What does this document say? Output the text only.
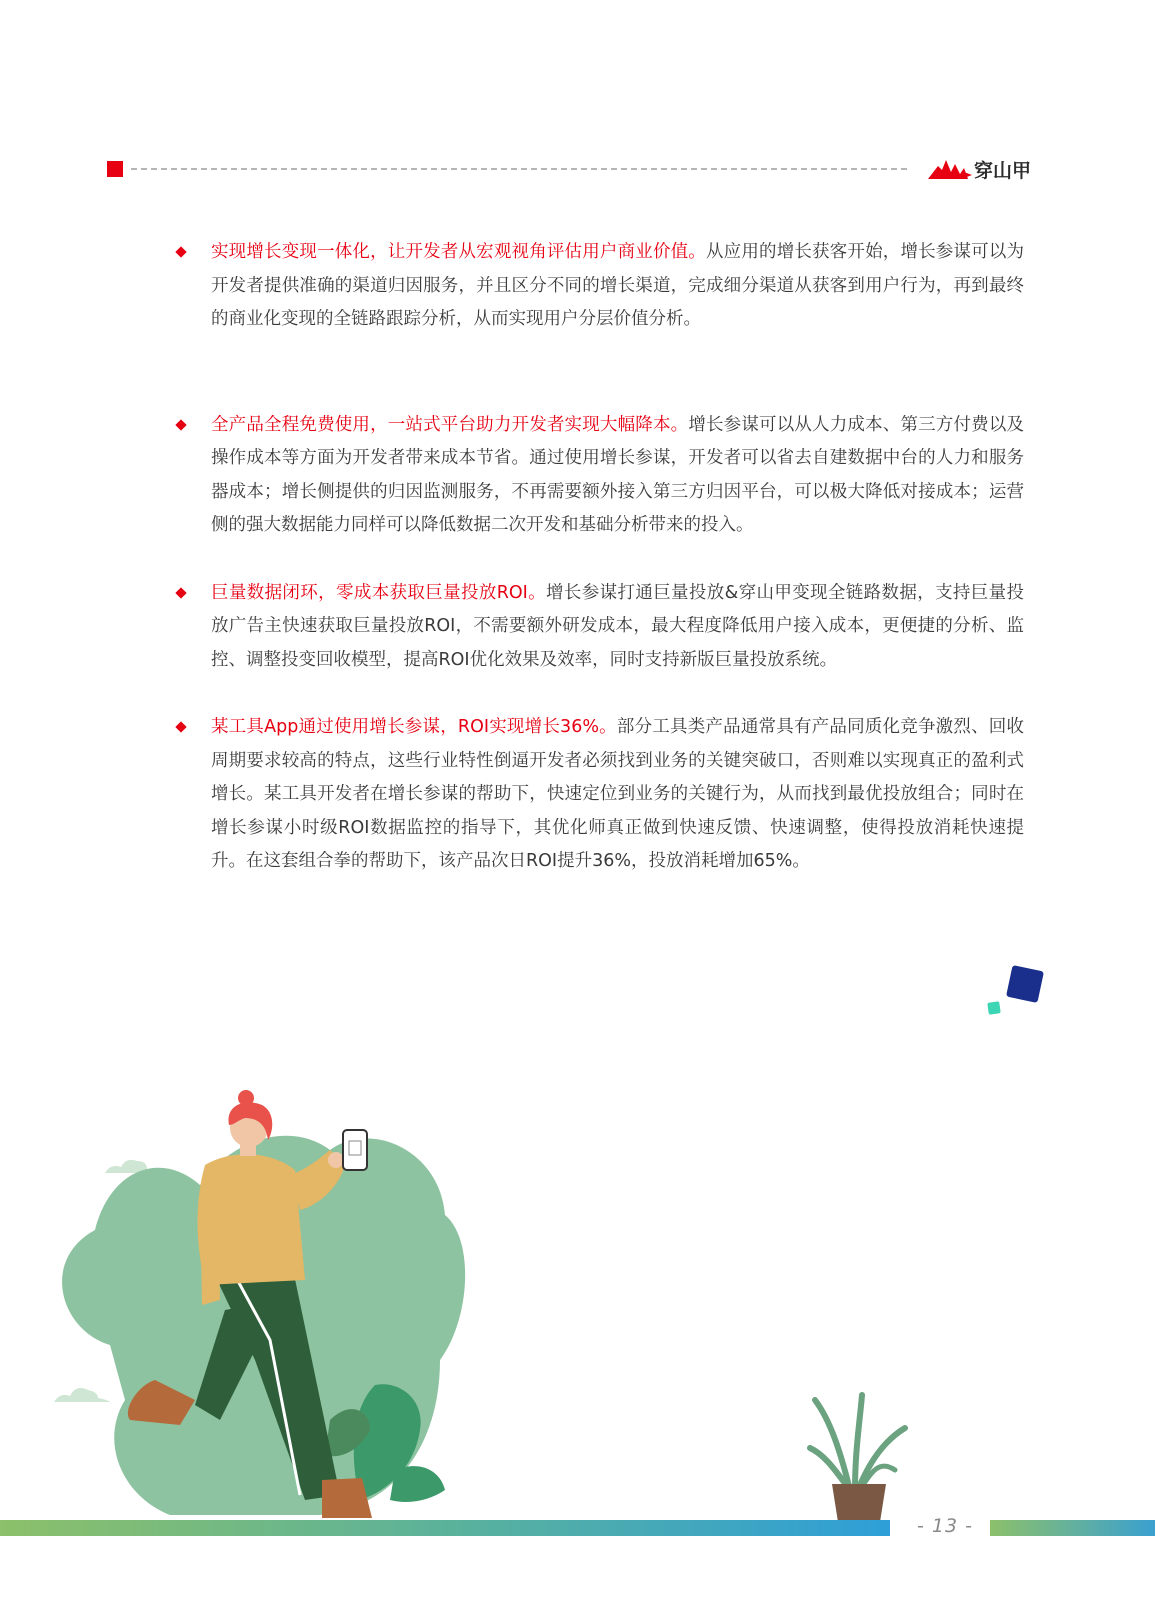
穿山甲
实现增长变现一体化，让开发者从宏观视角评估用户商业价值。从应用的增长获客开始，增长参谋可以为开发者提供准确的渠道归因服务，并且区分不同的增长渠道，完成细分渠道从获客到用户行为，再到最终的商业化变现的全链路跟踪分析，从而实现用户分层价值分析。
全产品全程免费使用，一站式平台助力开发者实现大幅降本。增长参谋可以从人力成本、第三方付费以及操作成本等方面为开发者带来成本节省。通过使用增长参谋，开发者可以省去自建数据中台的人力和服务器成本；增长侧提供的归因监测服务，不再需要额外接入第三方归因平台，可以极大降低对接成本；运营侧的强大数据能力同样可以降低数据二次开发和基础分析带来的投入。
巨量数据闭环，零成本获取巨量投放ROI。增长参谋打通巨量投放&穿山甲变现全链路数据，支持巨量投放广告主快速获取巨量投放ROI，不需要额外研发成本，最大程度降低用户接入成本，更便捷的分析、监控、调整投变回收模型，提高ROI优化效果及效率，同时支持新版巨量投放系统。
某工具App通过使用增长参谋，ROI实现增长36%。部分工具类产品通常具有产品同质化竞争激烈、回收周期要求较高的特点，这些行业特性倒逼开发者必须找到业务的关键突破口，否则难以实现真正的盈利式增长。某工具开发者在增长参谋的帮助下，快速定位到业务的关键行为，从而找到最优投放组合；同时在增长参谋小时级ROI数据监控的指导下，其优化师真正做到快速反馈、快速调整，使得投放消耗快速提升。在这套组合拳的帮助下，该产品次日ROI提升36%，投放消耗增加65%。
- 13 -
